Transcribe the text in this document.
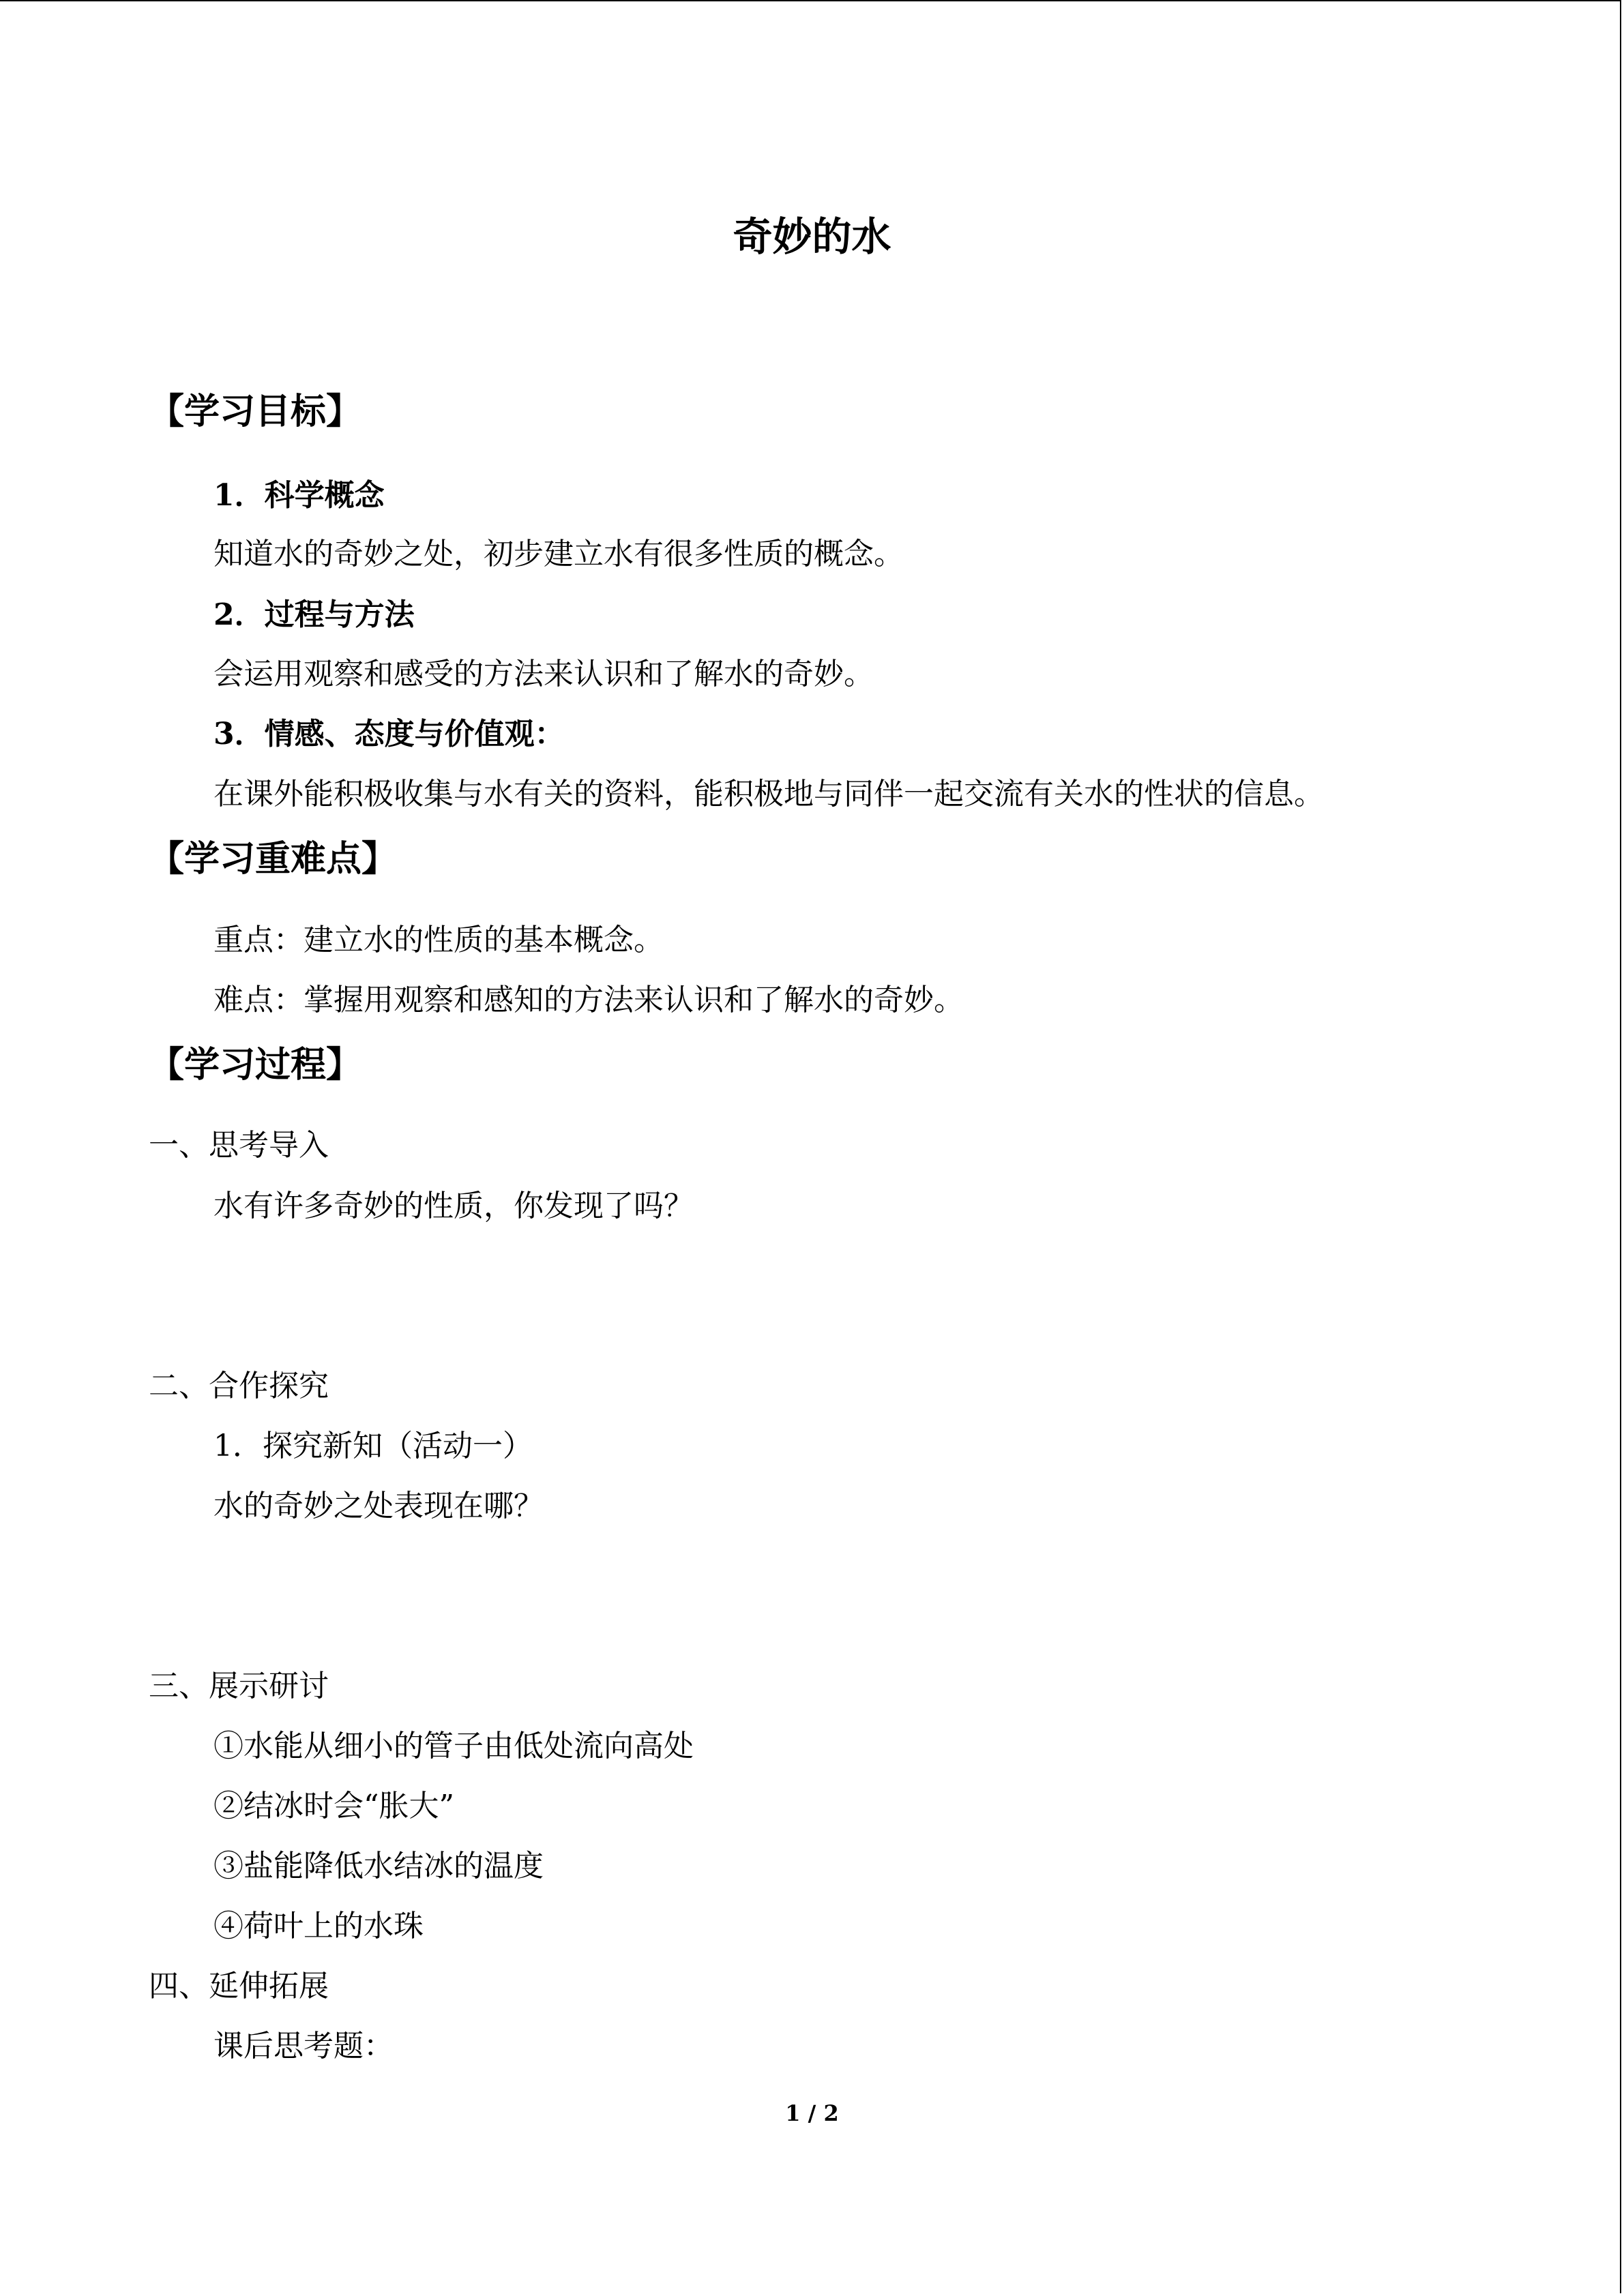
奇妙的水
【学习目标】
1．科学概念
知道水的奇妙之处，初步建立水有很多性质的概念。
2．过程与方法
会运用观察和感受的方法来认识和了解水的奇妙。
3．情感、态度与价值观：
在课外能积极收集与水有关的资料，能积极地与同伴一起交流有关水的性状的信息。
【学习重难点】
重点：建立水的性质的基本概念。
难点：掌握用观察和感知的方法来认识和了解水的奇妙。
【学习过程】
一、思考导入
水有许多奇妙的性质，你发现了吗？
二、合作探究
1．探究新知（活动一）
水的奇妙之处表现在哪？
三、展示研讨
①水能从细小的管子由低处流向高处
②结冰时会“胀大”
③盐能降低水结冰的温度
④荷叶上的水珠
四、延伸拓展
课后思考题：
1 / 2
